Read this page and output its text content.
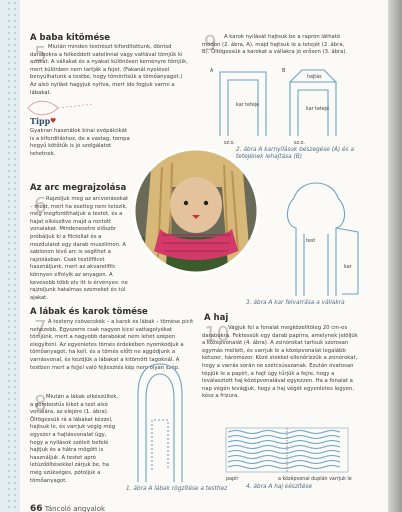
A baba kitömése

5 Miután minden testrészt kifordítottunk, döntsd darabokra a felkeddett vatelinnal vagy vattával tömjük ki azokat. A vállakat és a nyakat különösen keményre tömjük, mert különben nem tartják a fejet. (Fakanál nyelével benyúlhatunk a testbe, hogy tömörítsük a tömőanyagot.) Az alsó nyílást hagyjuk nyitva, mert ide fogjuk varrni a lábakat.

Tipp ♥

Gyakran használok kínai evőpálcikát is a kifordításhoz, de a vastag, tompa hegyű kötőtűk is jó szolgálatot tehetnek.

Az arc megrajzolása

6 Rajzoljuk meg az arcvonásokat – most, mert ha esetleg nem tetszik, még megfordíthatjuk a testet, és a hajat elkészítve majd a rontott vonalakat. Mindenesetre először próbáljuk ki a filctollat és a mozdulatot egy darab muszlimon. A sablonon lévő arc is segíthet a rajzolásban. Csak textilfilcet használjunk, mert az akvarellfilc könnyen elfolyik az anyagon. A kevesebb több elv itt is érvényes: ne rajzoljunk hatalmas szemeket és túl ajakat.

A lábak és karok tömése

7 A testeny csövecskék – a karok és lábak – tömése picit nehezebb. Egyszerre csak nagyon kicsi vattagolyókat tömjünk, mert a nagyobb darabokat nem lehet szépen elegyíteni. Az egyenletes tömés érdekében nyomkodjuk a tömőanyagot, ha kell, és a tömés előtt ne aggódjunk a varrásvonal, és kezdjük a lábakat a kitömött tagoknál. A testben mert a fejjel való fejlesztés kép nem olyan szép.

8 Miután a lábak elkészültek, a gombostűs kiket a test alsó vonalára, az elejére (1. ábra). Öltögessük rá a lábakat kézzel, hajtsuk le, és varrjuk végig még egyszer a hajtásvonalat úgy, hogy a nyílások széleit befelé hajtjuk és a hátra mögött is használjuk. A testet apró letúzőöltésekkel zárjuk be, ha még szükséges, pótoljuk a tömőanyagot.

1. ábra A lábak rögzítése a testhez

9	A karok nyílását hajtsuk be a raprón láthatő módon (2. ábra, A), majd hajtsuk le a tetejét (2. ábra, B). Öltögessük a karokat a vállakra jó erősen (3. ábra).

A	B
kar teteje
kar teteje
hajtás
sz.o.	sz.o.

2. ábra A karnyílások beszegése (A) és a tetejének lehajtása (B)

test
kar

3. ábra A kar felvarrása a vállakra

A haj

10

Vágjuk fel a fonalat megközelítőleg 20 cm-es darabokra. Fektessük egy darab papírra, amelynek jelöljük a középvonalát (4. ábra). A zsinórokat tartsuk szorosan egymás mellett, és varrjuk le a középvonalat legalább kétszer, háromszor. Közé stekkel ellenőrizzük a zsinórokat, hogy a varrás során ne szétcsússzanak. Ezután óvatosan tépjük le a papírt, a hajt úgy tűrjük a fejre, hogy a leválasztott haj középvonalával egyezzen. Ha a fonalat a nap végén levágjuk, hogy a haj végét egyenletes legyen, kész a frizura.

papír	a középvonal duplán varrjuk le

4. ábra A haj készítése

66 Táncoló angyalok
